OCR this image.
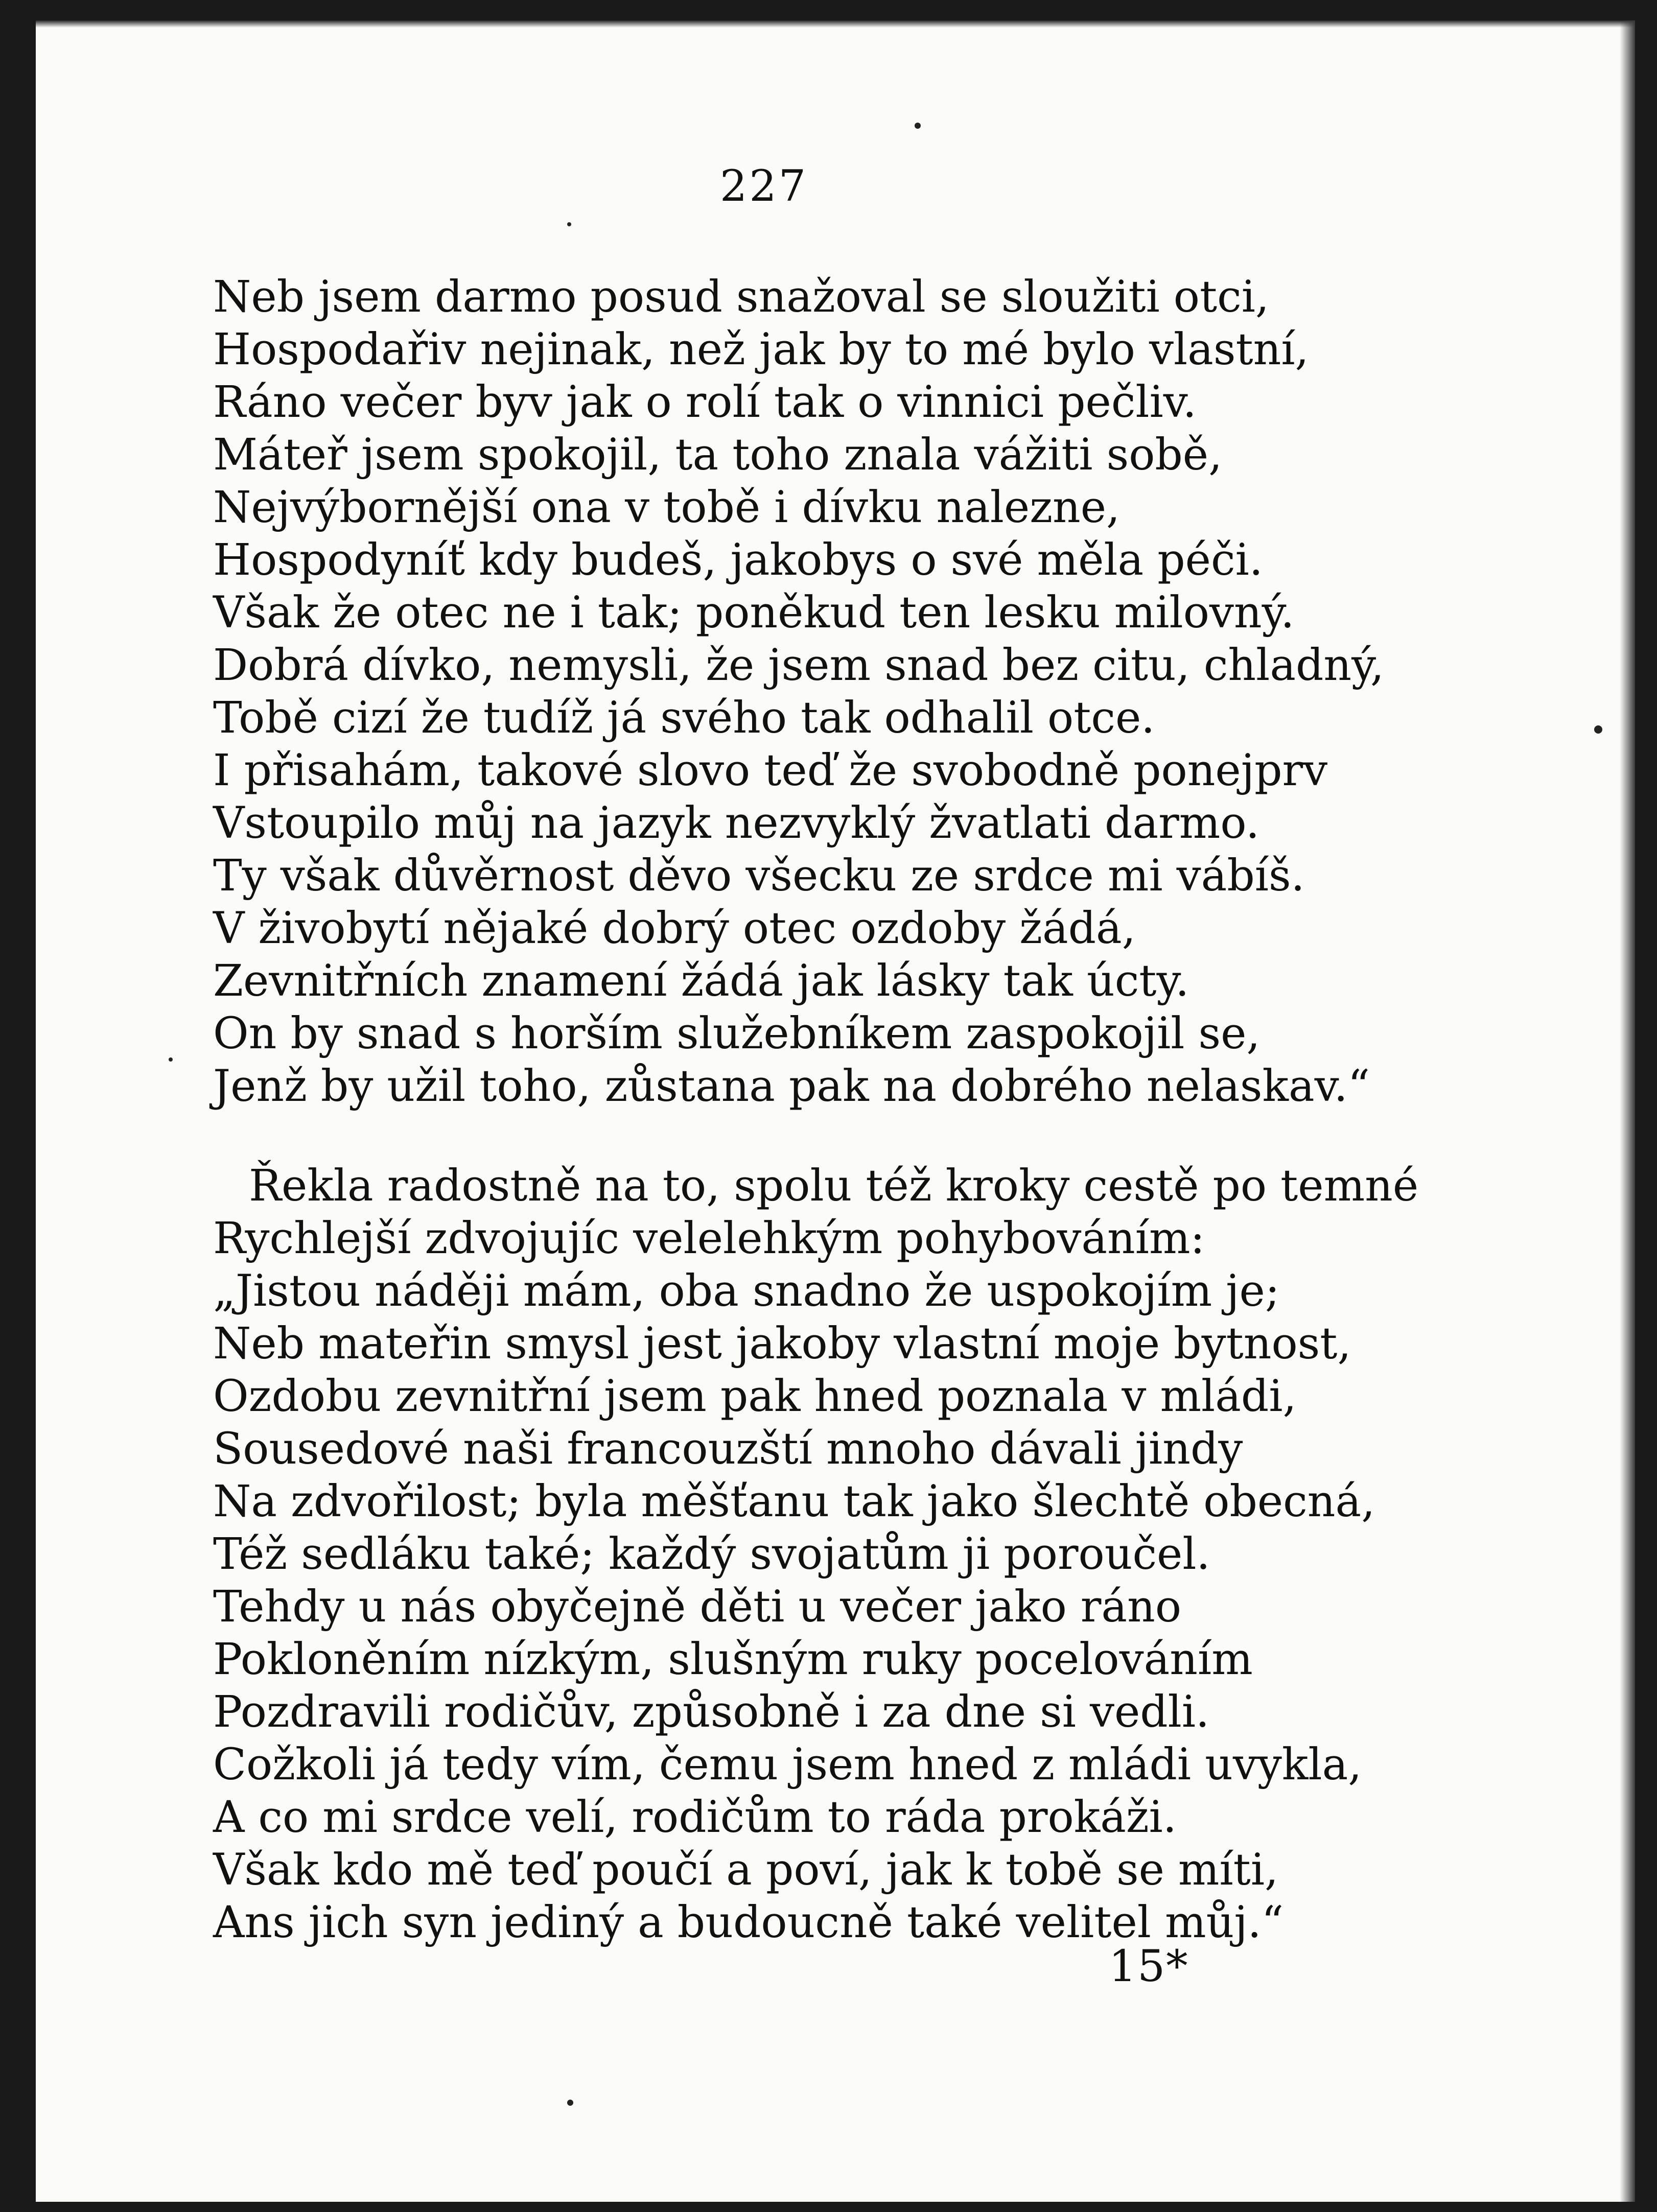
227
Neb jsem darmo posud snažoval se sloužiti otci,
Hospodařiv nejinak, než jak by to mé bylo vlastní,
Ráno večer byv jak o rolí tak o vinnici pečliv.
Máteř jsem spokojil, ta toho znala vážiti sobě,
Nejvýbornější ona v tobě i dívku nalezne,
Hospodyníť kdy budeš, jakobys o své měla péči.
Však že otec ne i tak; poněkud ten lesku milovný.
Dobrá dívko, nemysli, že jsem snad bez citu, chladný,
Tobě cizí že tudíž já svého tak odhalil otce.
I přisahám, takové slovo teď že svobodně ponejprv
Vstoupilo můj na jazyk nezvyklý žvatlati darmo.
Ty však důvěrnost děvo všecku ze srdce mi vábíš.
V živobytí nějaké dobrý otec ozdoby žádá,
Zevnitřních znamení žádá jak lásky tak úcty.
On by snad s horším služebníkem zaspokojil se,
Jenž by užil toho, zůstana pak na dobrého nelaskav.“
Řekla radostně na to, spolu též kroky cestě po temné
Rychlejší zdvojujíc velelehkým pohybováním:
„Jistou náději mám, oba snadno že uspokojím je;
Neb mateřin smysl jest jakoby vlastní moje bytnost,
Ozdobu zevnitřní jsem pak hned poznala v mládi,
Sousedové naši francouzští mnoho dávali jindy
Na zdvořilost; byla měšťanu tak jako šlechtě obecná,
Též sedláku také; každý svojatům ji poroučel.
Tehdy u nás obyčejně děti u večer jako ráno
Pokloněním nízkým, slušným ruky pocelováním
Pozdravili rodičův, způsobně i za dne si vedli.
Cožkoli já tedy vím, čemu jsem hned z mládi uvykla,
A co mi srdce velí, rodičům to ráda prokáži.
Však kdo mě teď poučí a poví, jak k tobě se míti,
Ans jich syn jediný a budoucně také velitel můj.“
15*
